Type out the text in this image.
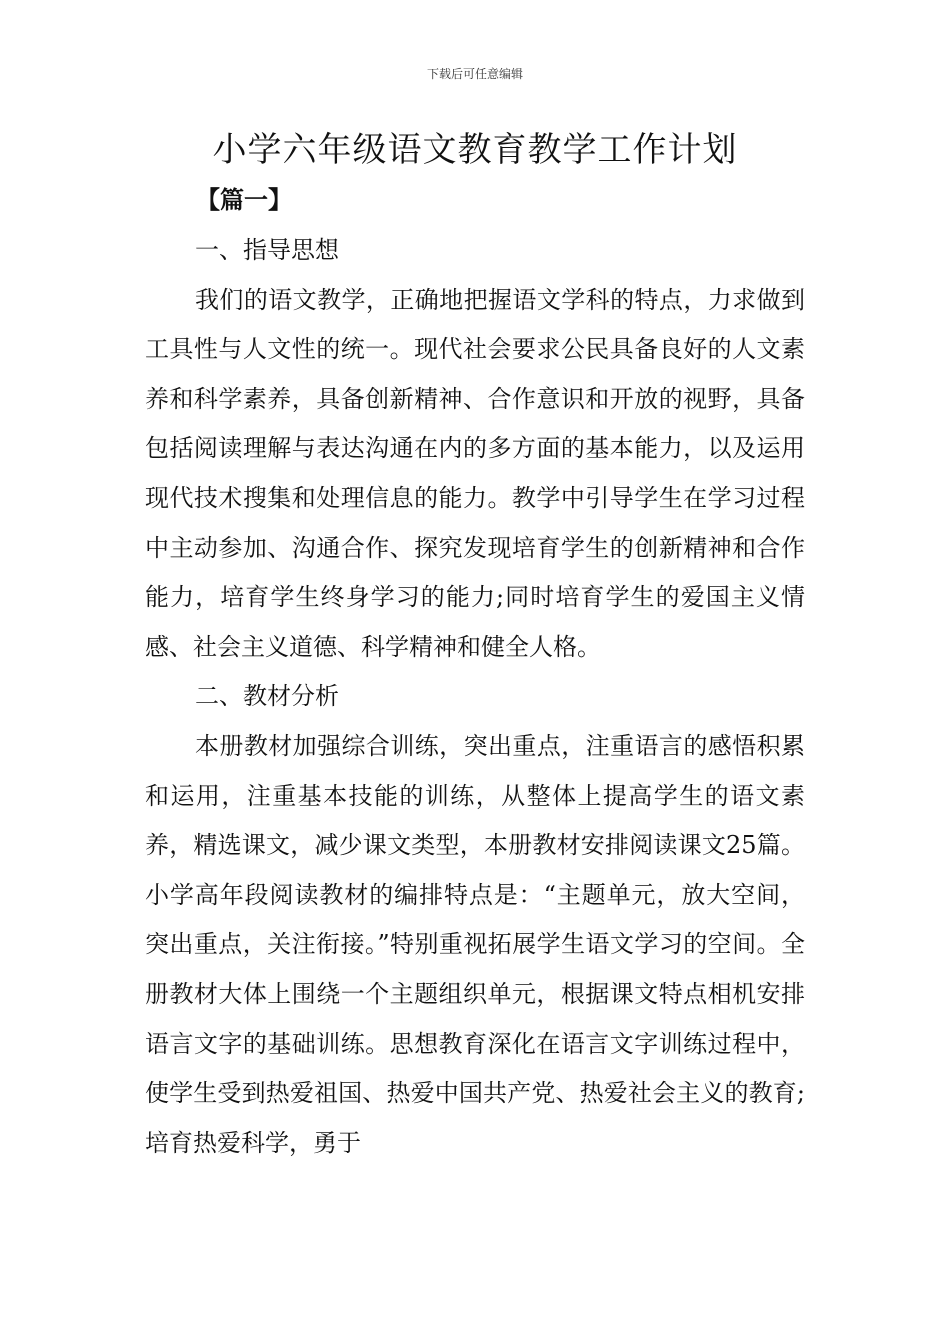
下载后可任意编辑
小学六年级语文教育教学工作计划
【篇一】

一、指导思想

我们的语文教学，正确地把握语文学科的特点，力求做到工具性与人文性的统一。现代社会要求公民具备良好的人文素养和科学素养，具备创新精神、合作意识和开放的视野，具备包括阅读理解与表达沟通在内的多方面的基本能力，以及运用现代技术搜集和处理信息的能力。教学中引导学生在学习过程中主动参加、沟通合作、探究发现培育学生的创新精神和合作能力，培育学生终身学习的能力;同时培育学生的爱国主义情感、社会主义道德、科学精神和健全人格。

二、教材分析

本册教材加强综合训练，突出重点，注重语言的感悟积累和运用，注重基本技能的训练，从整体上提高学生的语文素养，精选课文，减少课文类型，本册教材安排阅读课文25篇。小学高年段阅读教材的编排特点是：“主题单元，放大空间，突出重点，关注衔接。”特别重视拓展学生语文学习的空间。全册教材大体上围绕一个主题组织单元，根据课文特点相机安排语言文字的基础训练。思想教育深化在语言文字训练过程中，使学生受到热爱祖国、热爱中国共产党、热爱社会主义的教育;培育热爱科学，勇于
